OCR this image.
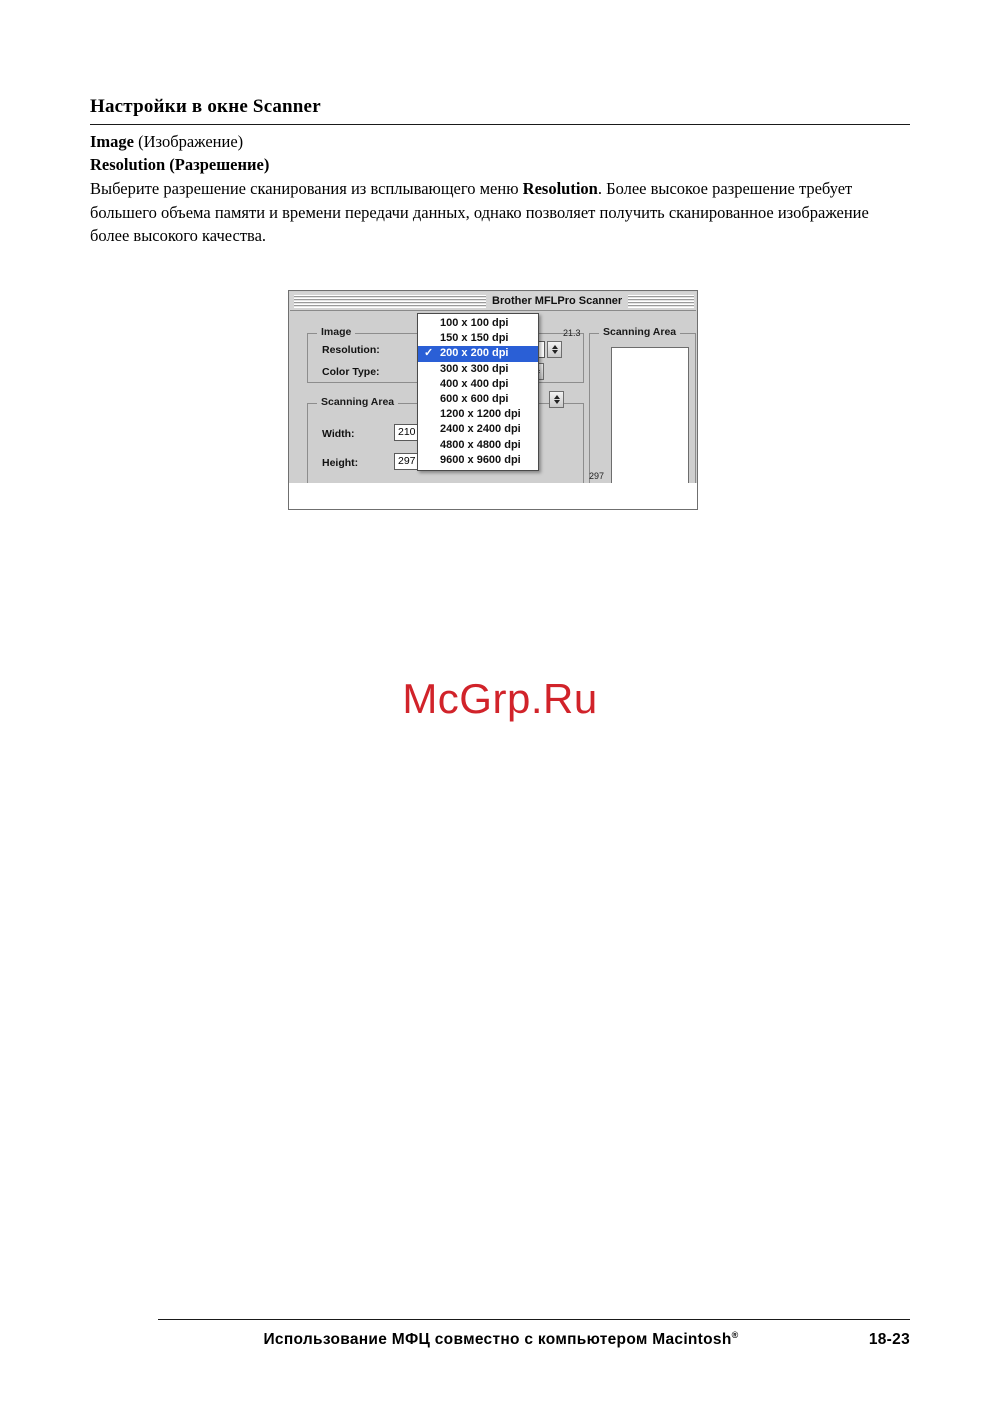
Настройки в окне Scanner
Image (Изображение)
Resolution (Разрешение)
Выберите разрешение сканирования из всплывающего меню Resolution. Более высокое разрешение требует большего объема памяти и времени передачи данных, однако позволяет получить сканированное изображение более высокого качества.
Brother MFLPro Scanner
Image
Resolution:
Color Type:
Scanning Area
Width:	210
Height:	297
Scanning Area
21.3
297
100 x 100 dpi
150 x 150 dpi
✓ 200 x 200 dpi
300 x 300 dpi
400 x 400 dpi
600 x 600 dpi
1200 x 1200 dpi
2400 x 2400 dpi
4800 x 4800 dpi
9600 x 9600 dpi
McGrp.Ru
Использование МФЦ совместно с компьютером Macintosh®	18-23
